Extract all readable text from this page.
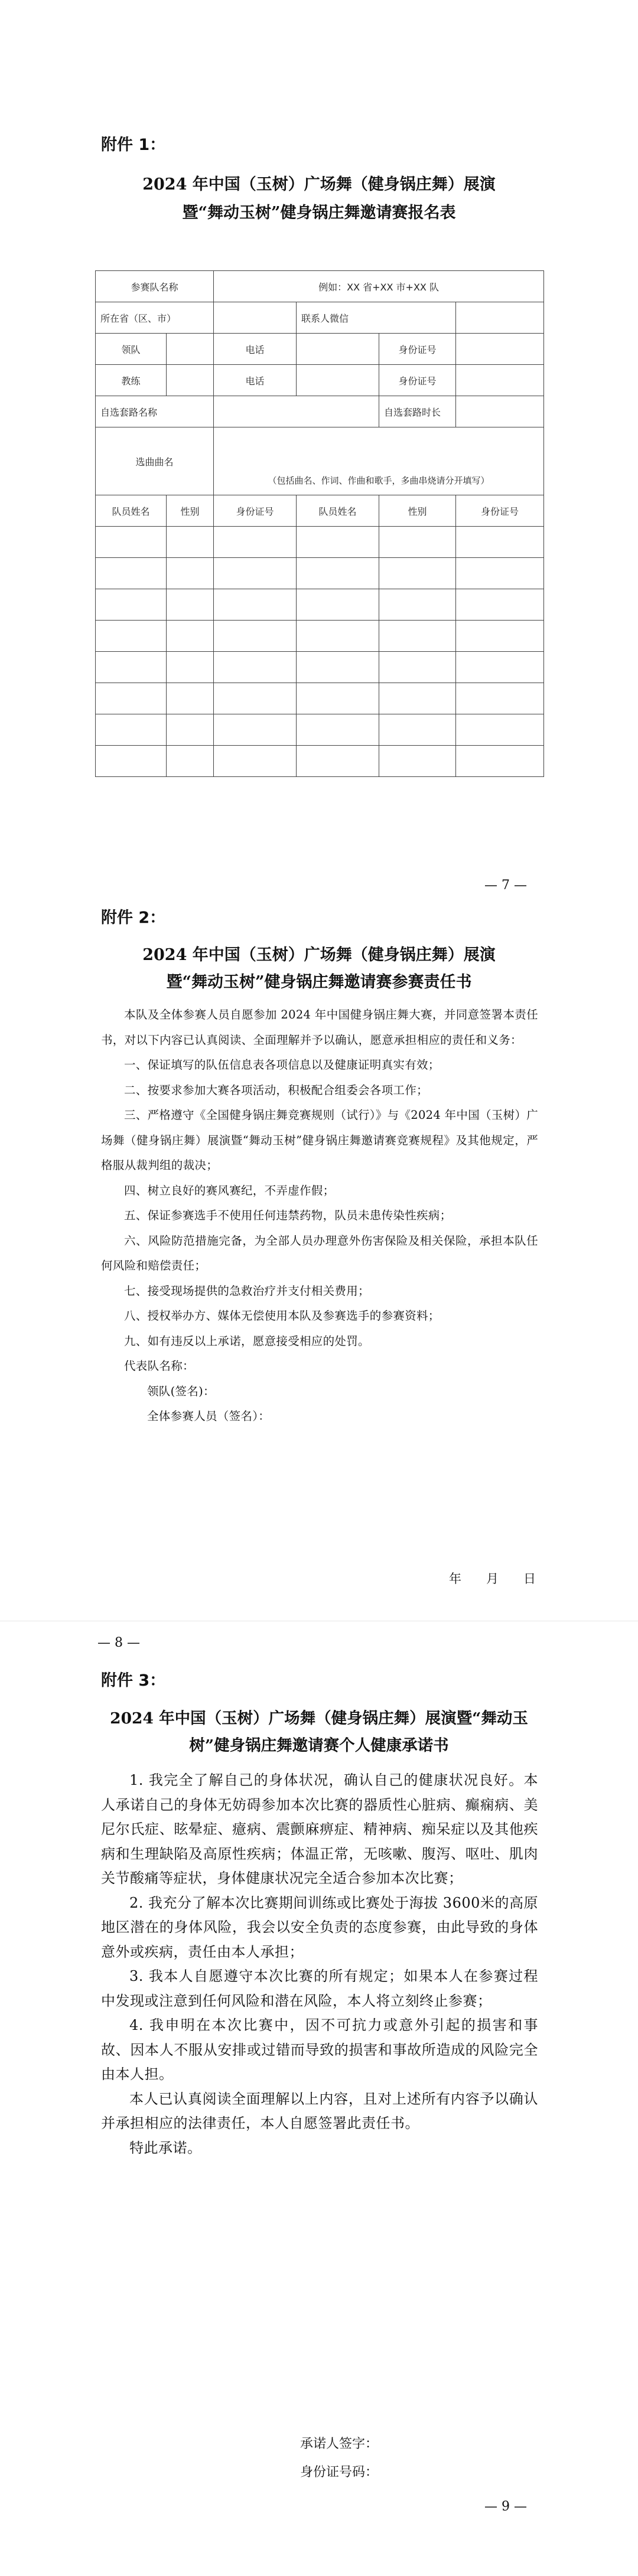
附件 1：
2024 年中国（玉树）广场舞（健身锅庄舞）展演
暨“舞动玉树”健身锅庄舞邀请赛报名表
参赛队名称		例如：XX 省+XX 市+XX 队			
所在省（区、市）			联系人微信		
领队		电话		身份证号	
教练		电话		身份证号	
自选套路名称				自选套路时长	
选曲曲名		（包括曲名、作词、作曲和歌手，多曲串烧请分开填写）			

队员姓名	性别	身份证号	队员姓名	性别	身份证号

— 7 —
附件 2：
2024 年中国（玉树）广场舞（健身锅庄舞）展演
暨“舞动玉树”健身锅庄舞邀请赛参赛责任书

本队及全体参赛人员自愿参加 2024 年中国健身锅庄舞大赛，并同意签署本责任书，对以下内容已认真阅读、全面理解并予以确认，愿意承担相应的责任和义务：

一、保证填写的队伍信息表各项信息以及健康证明真实有效；

二、按要求参加大赛各项活动，积极配合组委会各项工作；

三、严格遵守《全国健身锅庄舞竞赛规则（试行）》与《2024 年中国（玉树）广场舞（健身锅庄舞）展演暨“舞动玉树”健身锅庄舞邀请赛竞赛规程》及其他规定，严格服从裁判组的裁决；

四、树立良好的赛风赛纪，不弄虚作假；

五、保证参赛选手不使用任何违禁药物，队员未患传染性疾病；

六、风险防范措施完备，为全部人员办理意外伤害保险及相关保险，承担本队任何风险和赔偿责任；

七、接受现场提供的急救治疗并支付相关费用；

八、授权举办方、媒体无偿使用本队及参赛选手的参赛资料；

九、如有违反以上承诺，愿意接受相应的处罚。

代表队名称：

领队(签名)：

全体参赛人员（签名）：

年　　月　　日
— 8 —
附件 3：
2024 年中国（玉树）广场舞（健身锅庄舞）展演暨“舞动玉
树”健身锅庄舞邀请赛个人健康承诺书

1. 我完全了解自己的身体状况，确认自己的健康状况良好。本人承诺自己的身体无妨碍参加本次比赛的器质性心脏病、癫痫病、美尼尔氏症、眩晕症、癔病、震颤麻痹症、精神病、痴呆症以及其他疾病和生理缺陷及高原性疾病；体温正常，无咳嗽、腹泻、呕吐、肌肉关节酸痛等症状，身体健康状况完全适合参加本次比赛；

2. 我充分了解本次比赛期间训练或比赛处于海拔 3600米的高原地区潜在的身体风险，我会以安全负责的态度参赛，由此导致的身体意外或疾病，责任由本人承担；

3. 我本人自愿遵守本次比赛的所有规定；如果本人在参赛过程中发现或注意到任何风险和潜在风险，本人将立刻终止参赛；

4. 我申明在本次比赛中，因不可抗力或意外引起的损害和事故、因本人不服从安排或过错而导致的损害和事故所造成的风险完全由本人担。

本人已认真阅读全面理解以上内容，且对上述所有内容予以确认并承担相应的法律责任，本人自愿签署此责任书。

特此承诺。

承诺人签字：
身份证号码：
— 9 —
